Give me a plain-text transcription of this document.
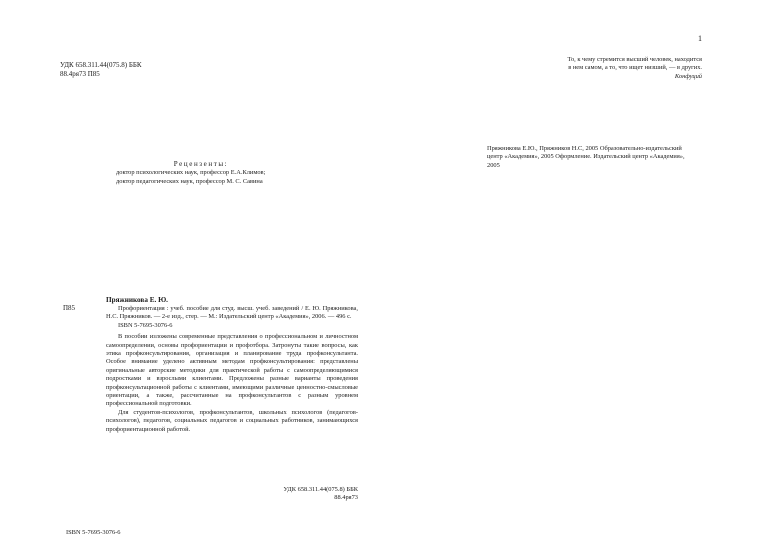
УДК 658.311.44(075.8) ББК
88.4ря73 П85
Рецензенты:
доктор психологических наук, профессор Е.А.Климов;
доктор педагогических наук, профессор М. С. Савина
П85
Пряжникова Е. Ю.
Профориентация : учеб. пособие для студ. высш. учеб. заведений / Е. Ю. Пряжникова, Н.С. Пряжников. — 2-е изд., стер. — М.: Издательский центр «Академия», 2006. — 496 с.
ISBN 5-7695-3076-6
В пособии изложены современные представления о профессиональном и личностном самоопределении, основы профориентации и профотбора. Затронуты такие вопросы, как этика профконсультирования, организация и планирование труда профконсультанта. Особое внимание уделено активным методам профконсультирования: представлены оригинальные авторские методики для практической работы с самоопределяющимися подростками и взрослыми клиентами. Предложены разные варианты проведения профконсультационной работы с клиентами, имеющими различные ценностно-смысловые ориентации, а также, рассчитанные на профконсультантов с разным уровнем профессиональной подготовки.
Для студентов-психологов, профконсультантов, школьных психологов (педагогов-психологов), педагогов, социальных педагогов и социальных работников, занимающихся профориентационной работой.
УДК 658.311.44(075.8) ББК
88.4ря73
ISBN 5-7695-3076-6
1
То, к чему стремится высший человек, находится
в нем самом, а то, что ищет низший, — в других.
Конфуций
Пряжникова Е.Ю., Пряжников Н.С, 2005 Образовательно-издательский центр «Академия», 2005 Оформление. Издательский центр «Академия», 2005
